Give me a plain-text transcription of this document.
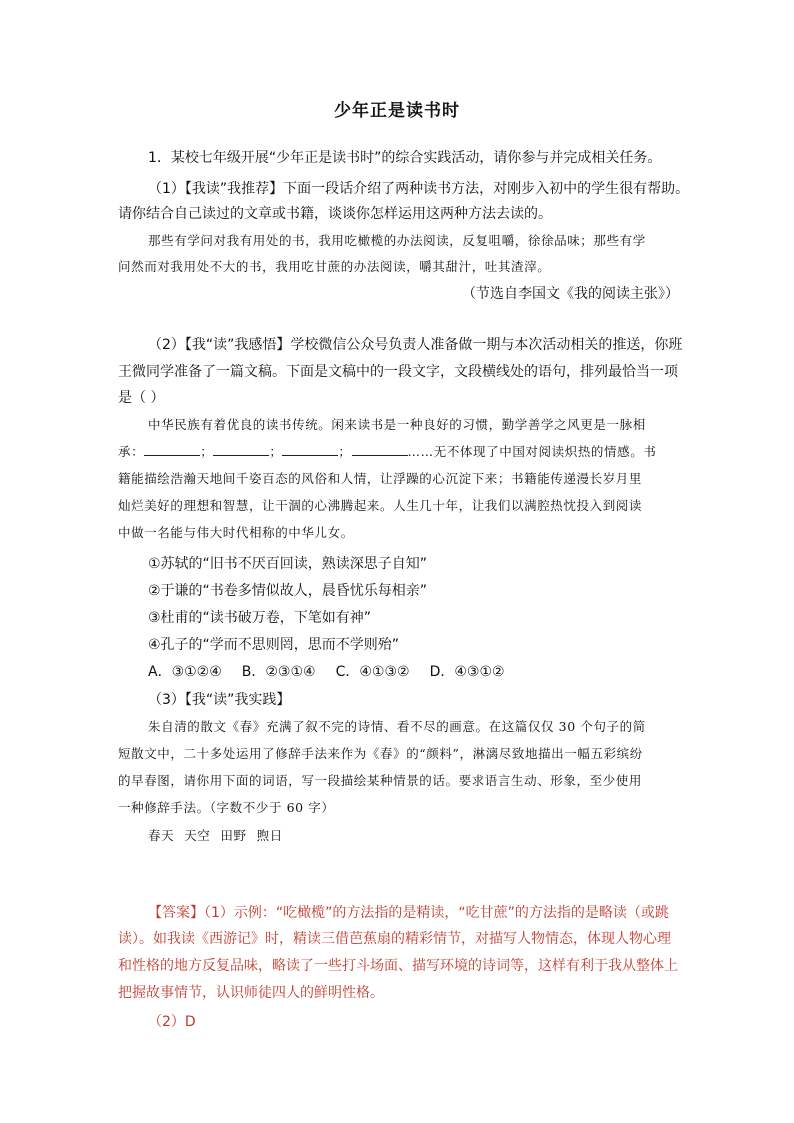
少年正是读书时
1．某校七年级开展“少年正是读书时”的综合实践活动，请你参与并完成相关任务。
（1）【我读”我推荐】下面一段话介绍了两种读书方法，对刚步入初中的学生很有帮助。
请你结合自己读过的文章或书籍，谈谈你怎样运用这两种方法去读的。
那些有学问对我有用处的书，我用吃橄榄的办法阅读，反复咀嚼，徐徐品味；那些有学
问然而对我用处不大的书，我用吃甘蔗的办法阅读，嚼其甜汁，吐其渣滓。
（节选自李国文《我的阅读主张》）
（2）【我“读”我感悟】学校微信公众号负责人准备做一期与本次活动相关的推送，你班
王微同学准备了一篇文稿。下面是文稿中的一段文字，文段横线处的语句，排列最恰当一项
是（ ）
中华民族有着优良的读书传统。闲来读书是一种良好的习惯，勤学善学之风更是一脉相
承：	；	；	；	……无不体现了中国对阅读炽热的情感。书
籍能描绘浩瀚天地间千姿百态的风俗和人情，让浮躁的心沉淀下来；书籍能传递漫长岁月里
灿烂美好的理想和智慧，让干涸的心沸腾起来。人生几十年，让我们以满腔热忱投入到阅读
中做一名能与伟大时代相称的中华儿女。
①苏轼的“旧书不厌百回读，熟读深思子自知”
②于谦的“书卷多情似故人，晨昏忧乐每相亲”
③杜甫的“读书破万卷，下笔如有神”
④孔子的“学而不思则罔，思而不学则殆”
A．③①②④ B．②③①④ C．④①③② D．④③①②
（3）【我“读”我实践】
朱自清的散文《春》充满了叙不完的诗情、看不尽的画意。在这篇仅仅 30 个句子的简
短散文中，二十多处运用了修辞手法来作为《春》的“颜料”，淋漓尽致地描出一幅五彩缤纷
的早春图，请你用下面的词语，写一段描绘某种情景的话。要求语言生动、形象，至少使用
一种修辞手法。（字数不少于 60 字）
春天 天空 田野 煦日
【答案】（1）示例：“吃橄榄”的方法指的是精读，“吃甘蔗”的方法指的是略读（或跳
读）。如我读《西游记》时，精读三借芭蕉扇的精彩情节，对描写人物情态，体现人物心理
和性格的地方反复品味，略读了一些打斗场面、描写环境的诗词等，这样有利于我从整体上
把握故事情节，认识师徒四人的鲜明性格。
（2）D
